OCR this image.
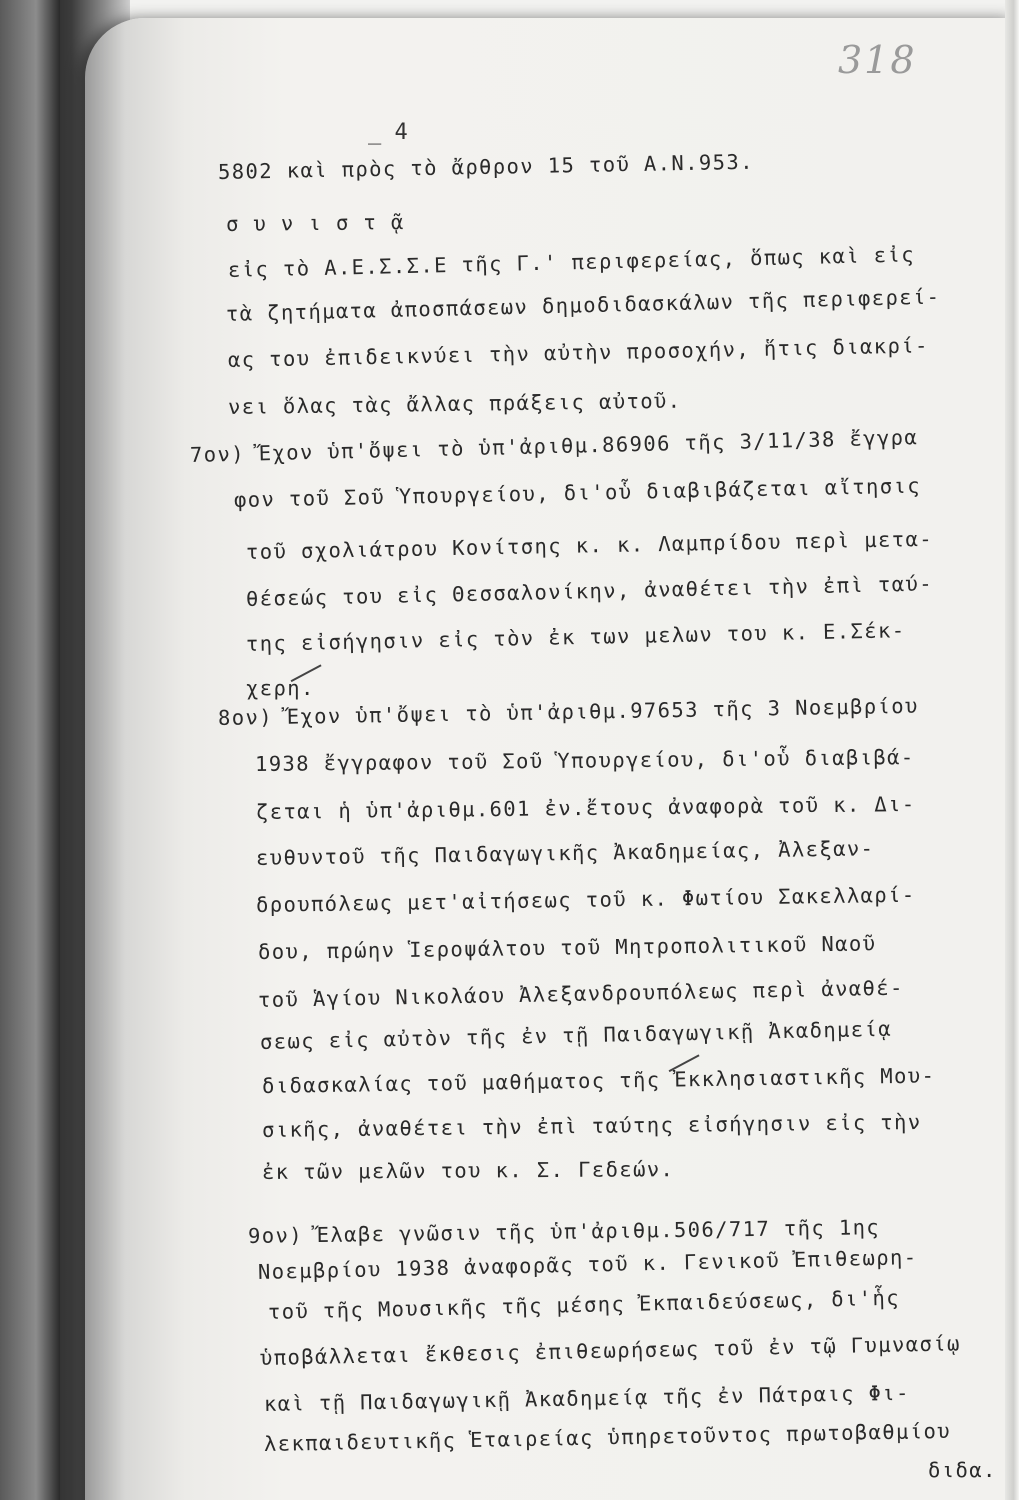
318
_ 4
5802 καὶ πρὸς τὸ ἄρθρον 15 τοῦ Α.Ν.953.
σ υ ν ι σ τ ᾷ
εἰς τὸ Α.Ε.Σ.Σ.Ε τῆς Γ.' περιφερείας, ὅπως καὶ εἰς
τὰ ζητήματα ἀποσπάσεων δημοδιδασκάλων τῆς περιφερεί-
ας του ἐπιδεικνύει τὴν αὐτὴν προσοχήν, ἥτις διακρί-
νει ὅλας τὰς ἄλλας πράξεις αὐτοῦ.
7ον) Ἔχον ὑπ'ὄψει τὸ ὑπ'ἀριθμ.86906 τῆς 3/11/38 ἔγγρα
φον τοῦ Σοῦ Ὑπουργείου, δι'οὗ διαβιβάζεται αἴτησις
τοῦ σχολιάτρου Κονίτσης κ. κ. Λαμπρίδου περὶ μετα-
θέσεώς του εἰς Θεσσαλονίκην, ἀναθέτει τὴν ἐπὶ ταύ-
της εἰσήγησιν εἰς τὸν ἐκ των μελων του κ. Ε.Σέκ-
χερη.
8ον) Ἔχον ὑπ'ὄψει τὸ ὑπ'ἀριθμ.97653 τῆς 3 Νοεμβρίου
1938 ἔγγραφον τοῦ Σοῦ Ὑπουργείου, δι'οὗ διαβιβά-
ζεται ἡ ὑπ'ἀριθμ.601 ἐν.ἔτους ἀναφορὰ τοῦ κ. Δι-
ευθυντοῦ τῆς Παιδαγωγικῆς Ἀκαδημείας, Ἀλεξαν-
δρουπόλεως μετ'αἰτήσεως τοῦ κ. Φωτίου Σακελλαρί-
δου, πρώην Ἱεροψάλτου τοῦ Μητροπολιτικοῦ Ναοῦ
τοῦ Ἁγίου Νικολάου Ἀλεξανδρουπόλεως περὶ ἀναθέ-
σεως εἰς αὐτὸν τῆς ἐν τῇ Παιδαγωγικῇ Ἀκαδημείᾳ
διδασκαλίας τοῦ μαθήματος τῆς Ἐκκλησιαστικῆς Μου-
σικῆς, ἀναθέτει τὴν ἐπὶ ταύτης εἰσήγησιν εἰς τὴν
ἐκ τῶν μελῶν του κ. Σ. Γεδεών.
9ον) Ἔλαβε γνῶσιν τῆς ὑπ'ἀριθμ.506/717 τῆς 1ης
Νοεμβρίου 1938 ἀναφορᾶς τοῦ κ. Γενικοῦ Ἐπιθεωρη-
τοῦ τῆς Μουσικῆς τῆς μέσης Ἐκπαιδεύσεως, δι'ἧς
ὑποβάλλεται ἔκθεσις ἐπιθεωρήσεως τοῦ ἐν τῷ Γυμνασίῳ
καὶ τῇ Παιδαγωγικῇ Ἀκαδημείᾳ τῆς ἐν Πάτραις Φι-
λεκπαιδευτικῆς Ἑταιρείας ὑπηρετοῦντος πρωτοβαθμίου
διδα.
